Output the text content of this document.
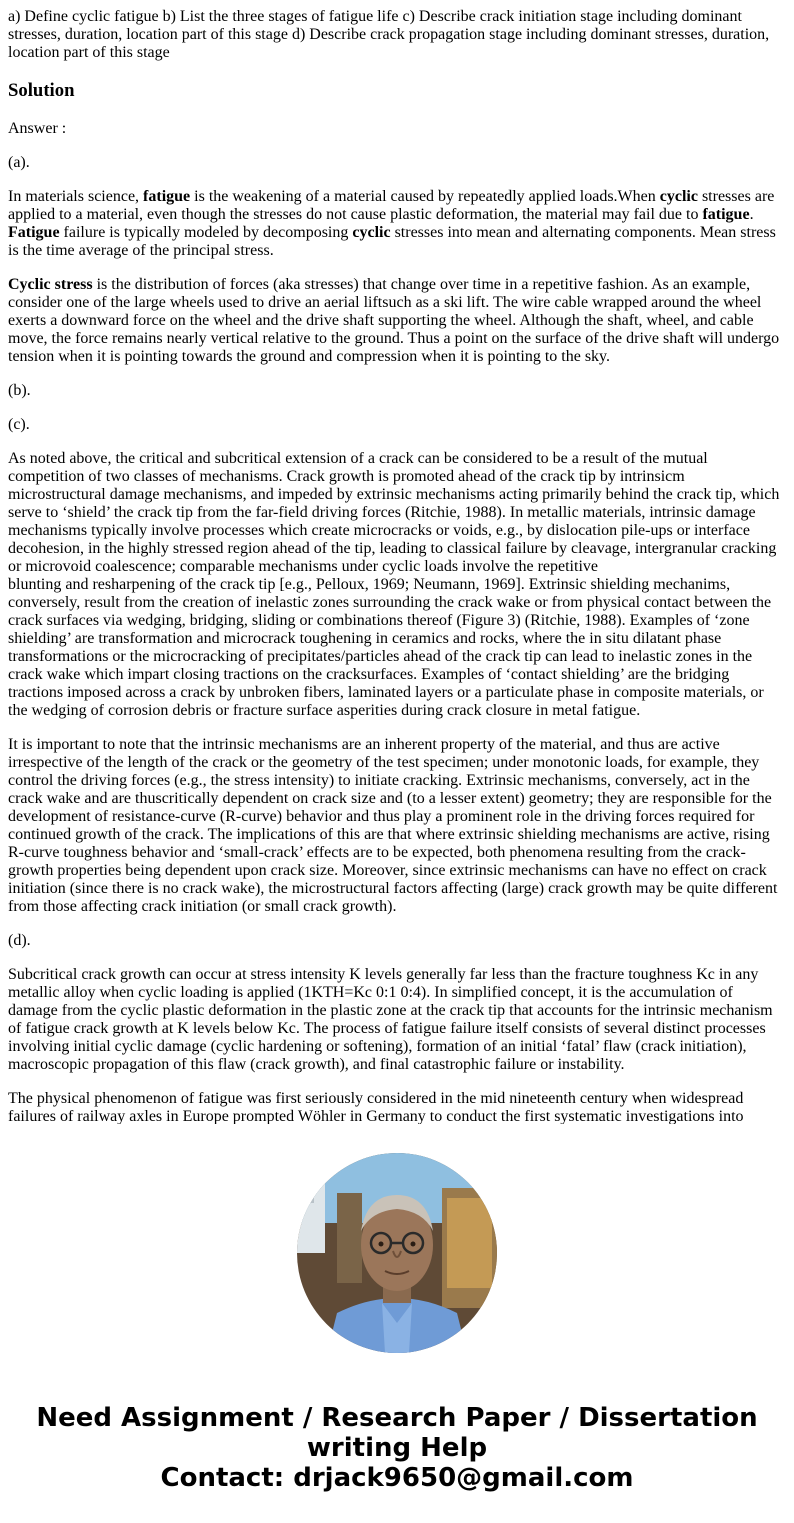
a) Define cyclic fatigue b) List the three stages of fatigue life c) Describe crack initiation stage including dominant stresses, duration, location part of this stage d) Describe crack propagation stage including dominant stresses, duration, location part of this stage

Solution

Answer :

(a).

In materials science, fatigue is the weakening of a material caused by repeatedly applied loads.When cyclic stresses are applied to a material, even though the stresses do not cause plastic deformation, the material may fail due to fatigue. Fatigue failure is typically modeled by decomposing cyclic stresses into mean and alternating components. Mean stress is the time average of the principal stress.

Cyclic stress is the distribution of forces (aka stresses) that change over time in a repetitive fashion. As an example, consider one of the large wheels used to drive an aerial liftsuch as a ski lift. The wire cable wrapped around the wheel exerts a downward force on the wheel and the drive shaft supporting the wheel. Although the shaft, wheel, and cable move, the force remains nearly vertical relative to the ground. Thus a point on the surface of the drive shaft will undergo tension when it is pointing towards the ground and compression when it is pointing to the sky.

(b).

(c).

As noted above, the critical and subcritical extension of a crack can be considered to be a result of the mutual competition of two classes of mechanisms. Crack growth is promoted ahead of the crack tip by intrinsicm microstructural damage mechanisms, and impeded by extrinsic mechanisms acting primarily behind the crack tip, which serve to ‘shield’ the crack tip from the far-field driving forces (Ritchie, 1988). In metallic materials, intrinsic damage mechanisms typically involve processes which create microcracks or voids, e.g., by dislocation pile-ups or interface decohesion, in the highly stressed region ahead of the tip, leading to classical failure by cleavage, intergranular cracking or microvoid coalescence; comparable mechanisms under cyclic loads involve the repetitive
blunting and resharpening of the crack tip [e.g., Pelloux, 1969; Neumann, 1969]. Extrinsic shielding mechanims, conversely, result from the creation of inelastic zones surrounding the crack wake or from physical contact between the crack surfaces via wedging, bridging, sliding or combinations thereof (Figure 3) (Ritchie, 1988). Examples of ‘zone shielding’ are transformation and microcrack toughening in ceramics and rocks, where the in situ dilatant phase transformations or the microcracking of precipitates/particles ahead of the crack tip can lead to inelastic zones in the crack wake which impart closing tractions on the cracksurfaces. Examples of ‘contact shielding’ are the bridging tractions imposed across a crack by unbroken fibers, laminated layers or a particulate phase in composite materials, or the wedging of corrosion debris or fracture surface asperities during crack closure in metal fatigue.

It is important to note that the intrinsic mechanisms are an inherent property of the material, and thus are active irrespective of the length of the crack or the geometry of the test specimen; under monotonic loads, for example, they control the driving forces (e.g., the stress intensity) to initiate cracking. Extrinsic mechanisms, conversely, act in the crack wake and are thuscritically dependent on crack size and (to a lesser extent) geometry; they are responsible for the development of resistance-curve (R-curve) behavior and thus play a prominent role in the driving forces required for continued growth of the crack. The implications of this are that where extrinsic shielding mechanisms are active, rising R-curve toughness behavior and ‘small-crack’ effects are to be expected, both phenomena resulting from the crack-growth properties being dependent upon crack size. Moreover, since extrinsic mechanisms can have no effect on crack initiation (since there is no crack wake), the microstructural factors affecting (large) crack growth may be quite different from those affecting crack initiation (or small crack growth).

(d).

Subcritical crack growth can occur at stress intensity K levels generally far less than the fracture toughness Kc in any metallic alloy when cyclic loading is applied (1KTH=Kc 0:1 0:4). In simplified concept, it is the accumulation of damage from the cyclic plastic deformation in the plastic zone at the crack tip that accounts for the intrinsic mechanism of fatigue crack growth at K levels below Kc. The process of fatigue failure itself consists of several distinct processes involving initial cyclic damage (cyclic hardening or softening), formation of an initial ‘fatal’ flaw (crack initiation), macroscopic propagation of this flaw (crack growth), and final catastrophic failure or instability.

The physical phenomenon of fatigue was first seriously considered in the mid nineteenth century when widespread failures of railway axles in Europe prompted Wöhler in Germany to conduct the first systematic investigations into

Need Assignment / Research Paper / Dissertation
writing Help
Contact: drjack9650@gmail.com
